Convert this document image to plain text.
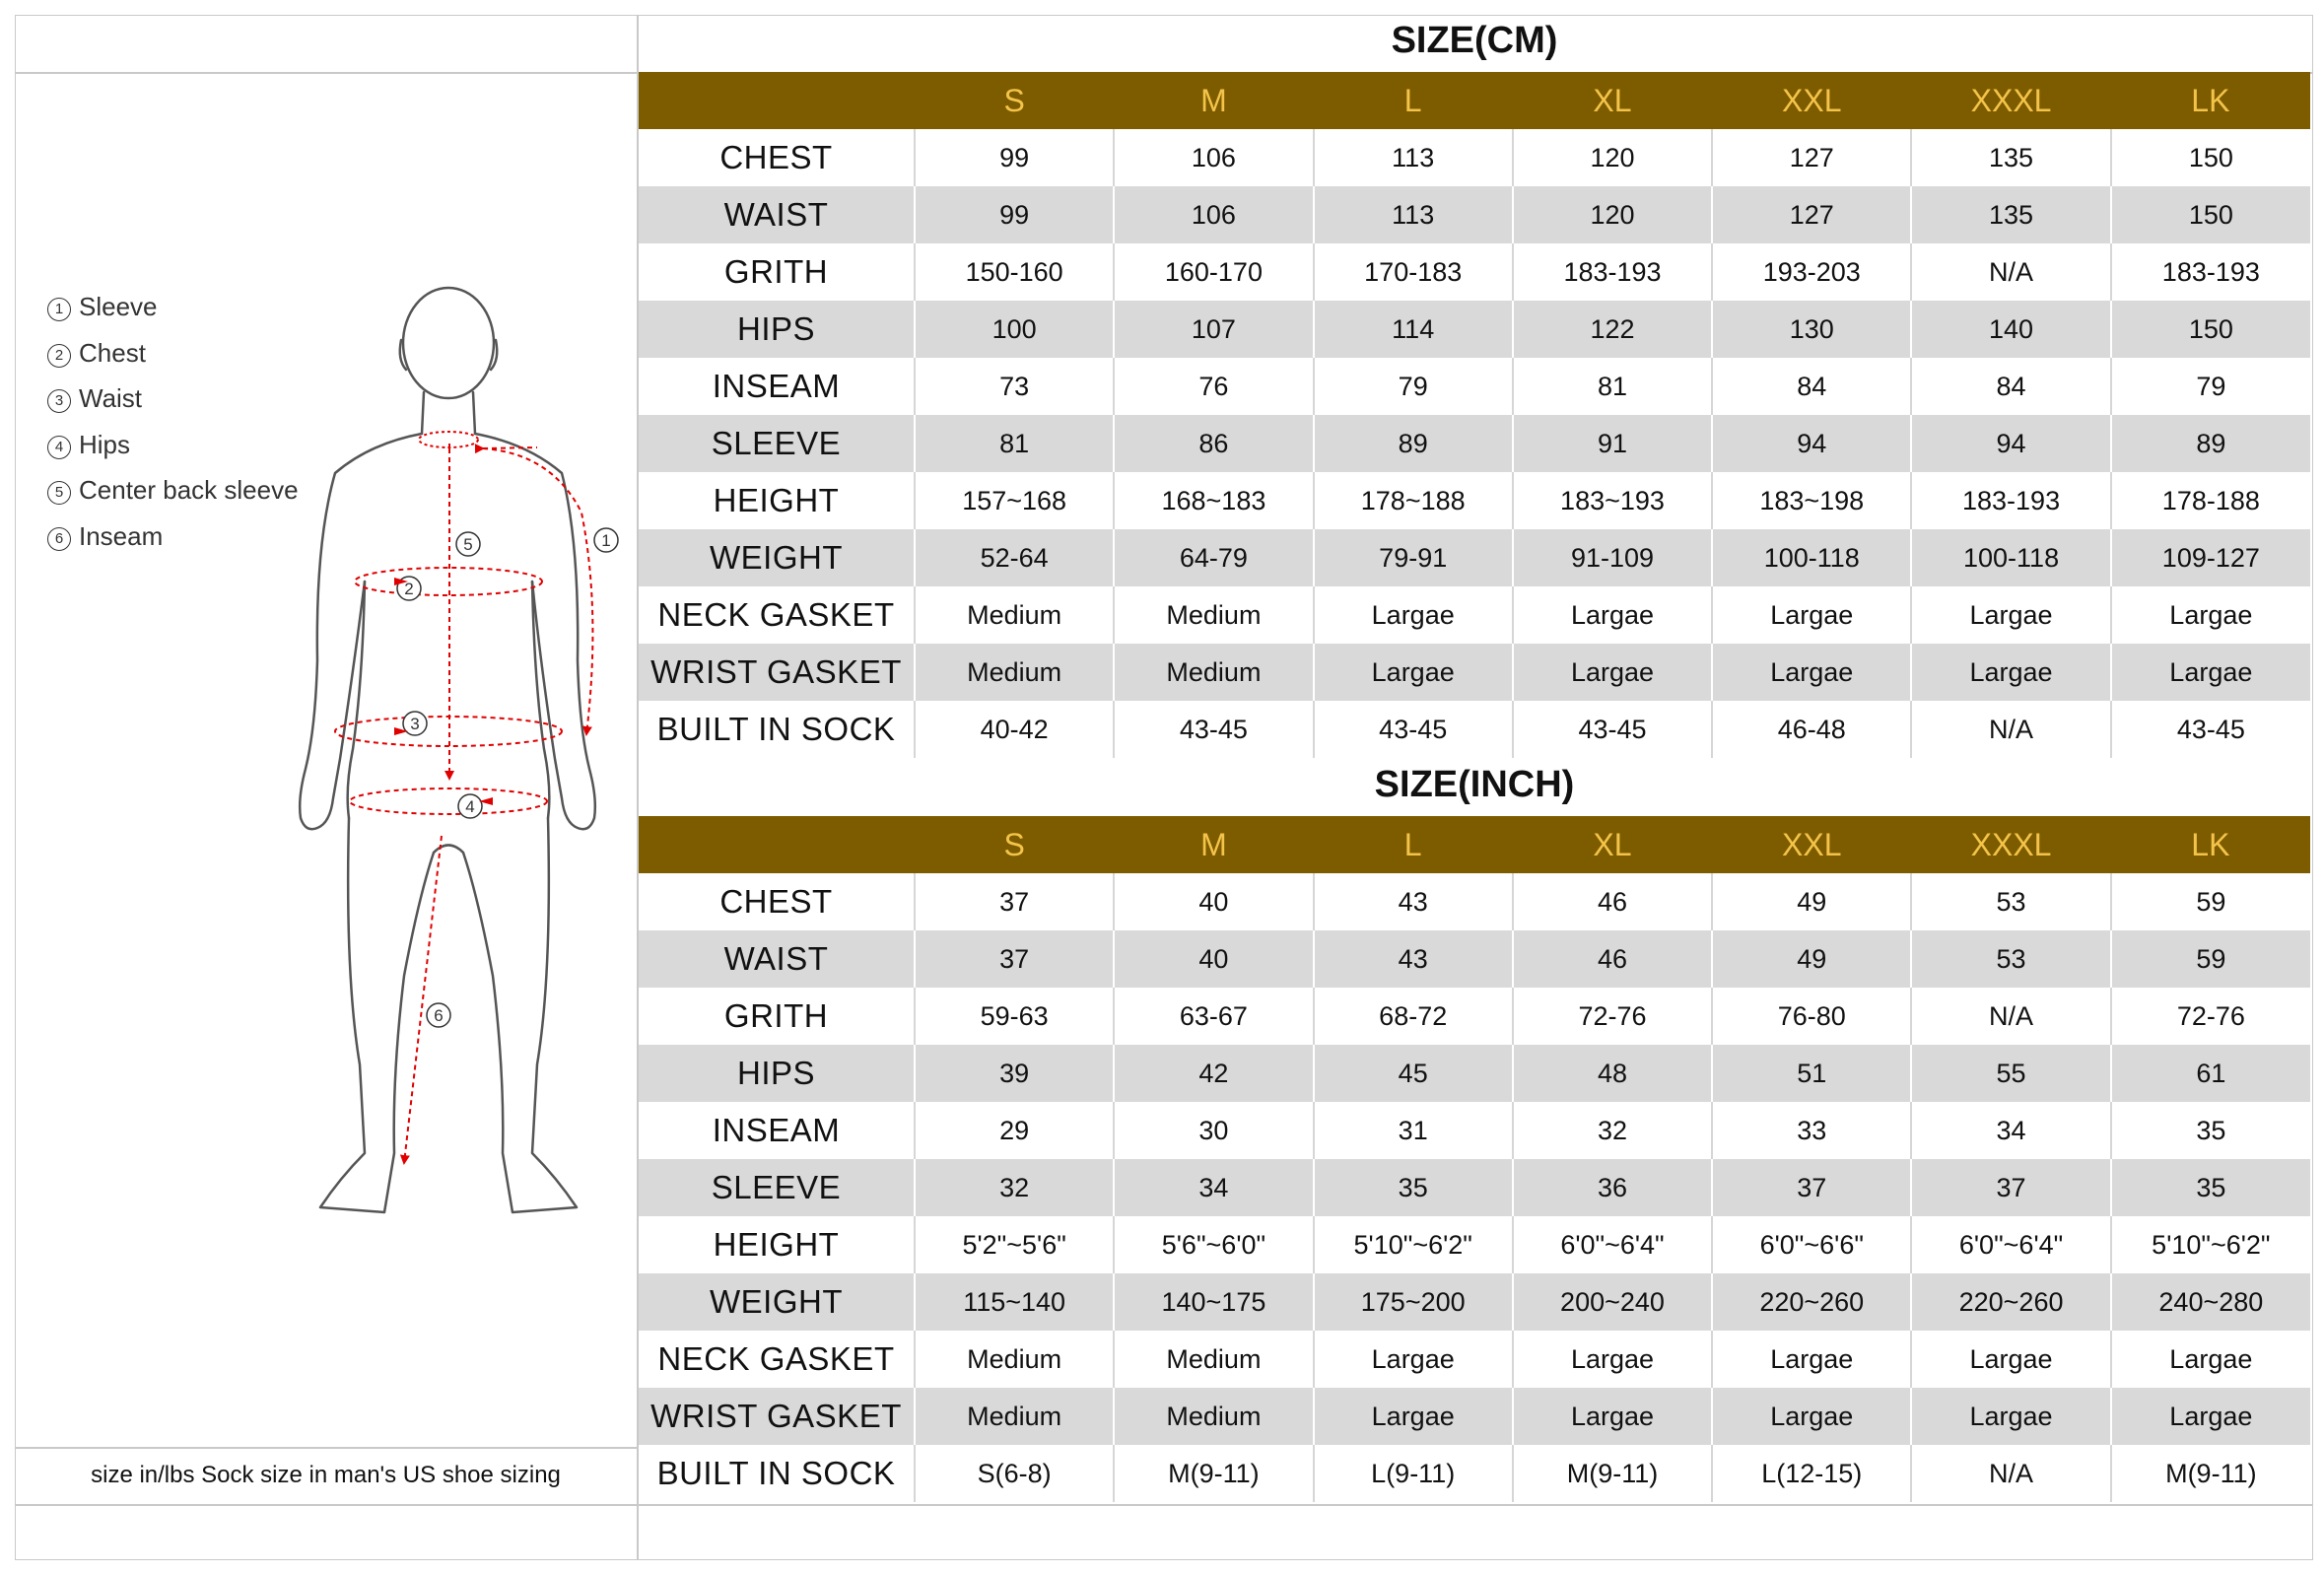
SIZE(CM)
	S	M	L	XL	XXL	XXXL	LK
CHEST	99	106	113	120	127	135	150
WAIST	99	106	113	120	127	135	150
GRITH	150-160	160-170	170-183	183-193	193-203	N/A	183-193
HIPS	100	107	114	122	130	140	150
INSEAM	73	76	79	81	84	84	79
SLEEVE	81	86	89	91	94	94	89
HEIGHT	157~168	168~183	178~188	183~193	183~198	183-193	178-188
WEIGHT	52-64	64-79	79-91	91-109	100-118	100-118	109-127
NECK GASKET	Medium	Medium	Largae	Largae	Largae	Largae	Largae
WRIST GASKET	Medium	Medium	Largae	Largae	Largae	Largae	Largae
BUILT IN SOCK	40-42	43-45	43-45	43-45	46-48	N/A	43-45
SIZE(INCH)
	S	M	L	XL	XXL	XXXL	LK
CHEST	37	40	43	46	49	53	59
WAIST	37	40	43	46	49	53	59
GRITH	59-63	63-67	68-72	72-76	76-80	N/A	72-76
HIPS	39	42	45	48	51	55	61
INSEAM	29	30	31	32	33	34	35
SLEEVE	32	34	35	36	37	37	35
HEIGHT	5'2"~5'6"	5'6"~6'0"	5'10"~6'2"	6'0"~6'4"	6'0"~6'6"	6'0"~6'4"	5'10"~6'2"
WEIGHT	115~140	140~175	175~200	200~240	220~260	220~260	240~280
NECK GASKET	Medium	Medium	Largae	Largae	Largae	Largae	Largae
WRIST GASKET	Medium	Medium	Largae	Largae	Largae	Largae	Largae
BUILT IN SOCK	S(6-8)	M(9-11)	L(9-11)	M(9-11)	L(12-15)	N/A	M(9-11)
1 Sleeve
2 Chest
3 Waist
4 Hips
5 Center back sleeve
6 Inseam
size in/lbs Sock size in man's US shoe sizing
1
5
2
3
4
6
